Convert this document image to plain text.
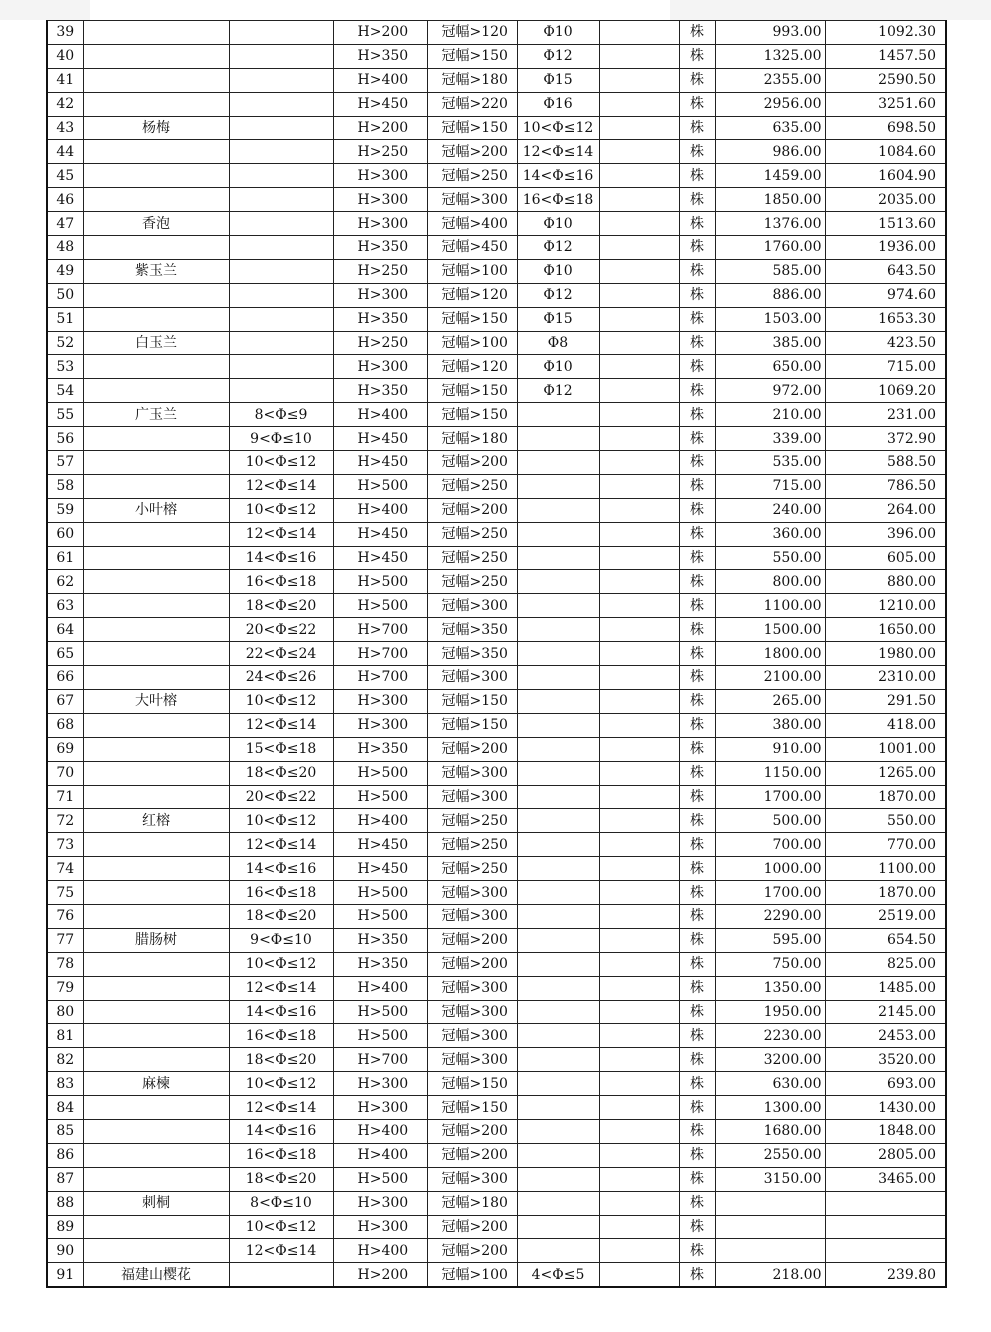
39			H>200	冠幅>120	Φ10		株	993.00	1092.30
40			H>350	冠幅>150	Φ12		株	1325.00	1457.50
41			H>400	冠幅>180	Φ15		株	2355.00	2590.50
42			H>450	冠幅>220	Φ16		株	2956.00	3251.60
43	杨梅		H>200	冠幅>150	10<Φ≤12		株	635.00	698.50
44			H>250	冠幅>200	12<Φ≤14		株	986.00	1084.60
45			H>300	冠幅>250	14<Φ≤16		株	1459.00	1604.90
46			H>300	冠幅>300	16<Φ≤18		株	1850.00	2035.00
47	香泡		H>300	冠幅>400	Φ10		株	1376.00	1513.60
48			H>350	冠幅>450	Φ12		株	1760.00	1936.00
49	紫玉兰		H>250	冠幅>100	Φ10		株	585.00	643.50
50			H>300	冠幅>120	Φ12		株	886.00	974.60
51			H>350	冠幅>150	Φ15		株	1503.00	1653.30
52	白玉兰		H>250	冠幅>100	Φ8		株	385.00	423.50
53			H>300	冠幅>120	Φ10		株	650.00	715.00
54			H>350	冠幅>150	Φ12		株	972.00	1069.20
55	广玉兰	8<Φ≤9	H>400	冠幅>150			株	210.00	231.00
56		9<Φ≤10	H>450	冠幅>180			株	339.00	372.90
57		10<Φ≤12	H>450	冠幅>200			株	535.00	588.50
58		12<Φ≤14	H>500	冠幅>250			株	715.00	786.50
59	小叶榕	10<Φ≤12	H>400	冠幅>200			株	240.00	264.00
60		12<Φ≤14	H>450	冠幅>250			株	360.00	396.00
61		14<Φ≤16	H>450	冠幅>250			株	550.00	605.00
62		16<Φ≤18	H>500	冠幅>250			株	800.00	880.00
63		18<Φ≤20	H>500	冠幅>300			株	1100.00	1210.00
64		20<Φ≤22	H>700	冠幅>350			株	1500.00	1650.00
65		22<Φ≤24	H>700	冠幅>350			株	1800.00	1980.00
66		24<Φ≤26	H>700	冠幅>300			株	2100.00	2310.00
67	大叶榕	10<Φ≤12	H>300	冠幅>150			株	265.00	291.50
68		12<Φ≤14	H>300	冠幅>150			株	380.00	418.00
69		15<Φ≤18	H>350	冠幅>200			株	910.00	1001.00
70		18<Φ≤20	H>500	冠幅>300			株	1150.00	1265.00
71		20<Φ≤22	H>500	冠幅>300			株	1700.00	1870.00
72	红榕	10<Φ≤12	H>400	冠幅>250			株	500.00	550.00
73		12<Φ≤14	H>450	冠幅>250			株	700.00	770.00
74		14<Φ≤16	H>450	冠幅>250			株	1000.00	1100.00
75		16<Φ≤18	H>500	冠幅>300			株	1700.00	1870.00
76		18<Φ≤20	H>500	冠幅>300			株	2290.00	2519.00
77	腊肠树	9<Φ≤10	H>350	冠幅>200			株	595.00	654.50
78		10<Φ≤12	H>350	冠幅>200			株	750.00	825.00
79		12<Φ≤14	H>400	冠幅>300			株	1350.00	1485.00
80		14<Φ≤16	H>500	冠幅>300			株	1950.00	2145.00
81		16<Φ≤18	H>500	冠幅>300			株	2230.00	2453.00
82		18<Φ≤20	H>700	冠幅>300			株	3200.00	3520.00
83	麻楝	10<Φ≤12	H>300	冠幅>150			株	630.00	693.00
84		12<Φ≤14	H>300	冠幅>150			株	1300.00	1430.00
85		14<Φ≤16	H>400	冠幅>200			株	1680.00	1848.00
86		16<Φ≤18	H>400	冠幅>200			株	2550.00	2805.00
87		18<Φ≤20	H>500	冠幅>300			株	3150.00	3465.00
88	刺桐	8<Φ≤10	H>300	冠幅>180			株		
89		10<Φ≤12	H>300	冠幅>200			株		
90		12<Φ≤14	H>400	冠幅>200			株		
91	福建山樱花		H>200	冠幅>100	4<Φ≤5		株	218.00	239.80
